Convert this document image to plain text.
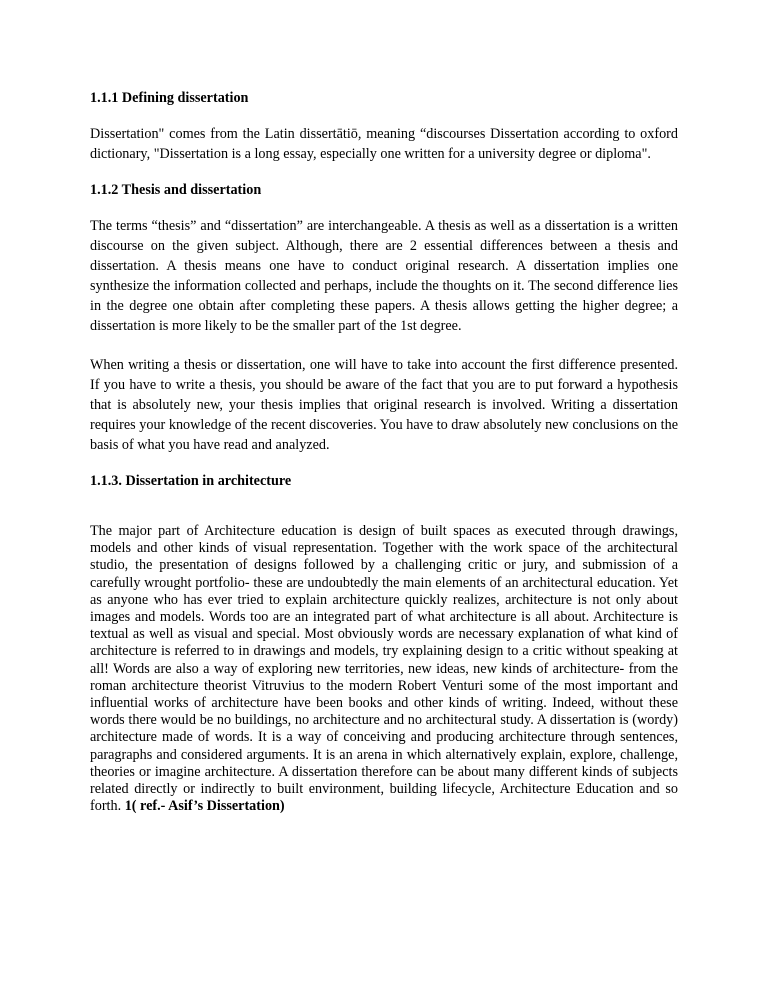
1.1.1 Defining dissertation

Dissertation" comes from the Latin dissertātiō, meaning “discourses Dissertation according to oxford dictionary, "Dissertation is a long essay, especially one written for a university degree or diploma".

1.1.2 Thesis and dissertation

The terms “thesis” and “dissertation” are interchangeable. A thesis as well as a dissertation is a written discourse on the given subject. Although, there are 2 essential differences between a thesis and dissertation. A thesis means one have to conduct original research. A dissertation implies one synthesize the information collected and perhaps, include the thoughts on it. The second difference lies in the degree one obtain after completing these papers. A thesis allows getting the higher degree; a dissertation is more likely to be the smaller part of the 1st degree.

When writing a thesis or dissertation, one will have to take into account the first difference presented. If you have to write a thesis, you should be aware of the fact that you are to put forward a hypothesis that is absolutely new, your thesis implies that original research is involved. Writing a dissertation requires your knowledge of the recent discoveries. You have to draw absolutely new conclusions on the basis of what you have read and analyzed.

1.1.3. Dissertation in architecture

The major part of Architecture education is design of built spaces as executed through drawings, models and other kinds of visual representation. Together with the work space of the architectural studio, the presentation of designs followed by a challenging critic or jury, and submission of a carefully wrought portfolio- these are undoubtedly the main elements of an architectural education. Yet as anyone who has ever tried to explain architecture quickly realizes, architecture is not only about images and models. Words too are an integrated part of what architecture is all about. Architecture is textual as well as visual and special. Most obviously words are necessary explanation of what kind of architecture is referred to in drawings and models, try explaining design to a critic without speaking at all! Words are also a way of exploring new territories, new ideas, new kinds of architecture- from the roman architecture theorist Vitruvius to the modern Robert Venturi some of the most important and influential works of architecture have been books and other kinds of writing. Indeed, without these words there would be no buildings, no architecture and no architectural study. A dissertation is (wordy) architecture made of words. It is a way of conceiving and producing architecture through sentences, paragraphs and considered arguments. It is an arena in which alternatively explain, explore, challenge, theories or imagine architecture. A dissertation therefore can be about many different kinds of subjects related directly or indirectly to built environment, building lifecycle, Architecture Education and so forth. 1( ref.- Asif’s Dissertation)
